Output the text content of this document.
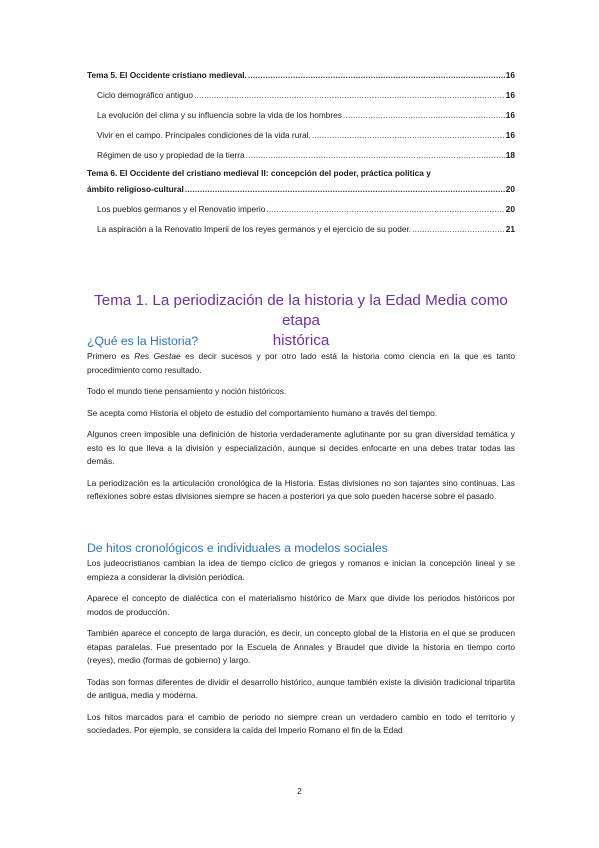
Tema 5. El Occidente cristiano medieval. .....	16
Ciclo demográfico antiguo .....	16
La evolución del clima y su influencia sobre la vida de los hombres .....	16
Vivir en el campo. Principales condiciones de la vida rural. .....	16
Régimen de uso y propiedad de la tierra .....	18
Tema 6. El Occidente del cristiano medieval II: concepción del poder, práctica política y
ámbito religioso-cultural .....	20
Los pueblos germanos y el Renovatio imperio .....	20
La aspiración a la Renovatio Imperii de los reyes germanos y el ejercicio de su poder. .....	21
Tema 1. La periodización de la historia y la Edad Media como etapa
histórica
¿Qué es la Historia?

Primero es Res Gestae es decir sucesos y por otro lado está la historia como ciencia en la que es tanto procedimiento como resultado.

Todo el mundo tiene pensamiento y noción históricos.

Se acepta como Historia el objeto de estudio del comportamiento humano a través del tiempo.

Algunos creen imposible una definición de historia verdaderamente aglutinante por su gran diversidad temática y esto es lo que lleva a la división y especialización, aunque si decides enfocarte en una debes tratar todas las demás.

La periodización es la articulación cronológica de la Historia. Estas divisiones no son tajantes sino continuas. Las reflexiones sobre estas divisiones siempre se hacen a posteriori ya que solo pueden hacerse sobre el pasado.

De hitos cronológicos e individuales a modelos sociales

Los judeocristianos cambian la idea de tiempo cíclico de griegos y romanos e inician la concepción lineal y se empieza a considerar la división periódica.

Aparece el concepto de dialéctica con el materialismo histórico de Marx que divide los periodos históricos por modos de producción.

También aparece el concepto de larga duración, es decir, un concepto global de la Historia en el que se producen etapas paralelas. Fue presentado por la Escuela de Annales y Braudel que divide la historia en tiempo corto (reyes), medio (formas de gobierno) y largo.

Todas son formas diferentes de dividir el desarrollo histórico, aunque también existe la división tradicional tripartita de antigua, media y moderna.

Los hitos marcados para el cambio de periodo no siempre crean un verdadero cambio en todo el territorio y sociedades. Por ejemplo, se considera la caída del Imperio Romano el fin de la Edad

2
